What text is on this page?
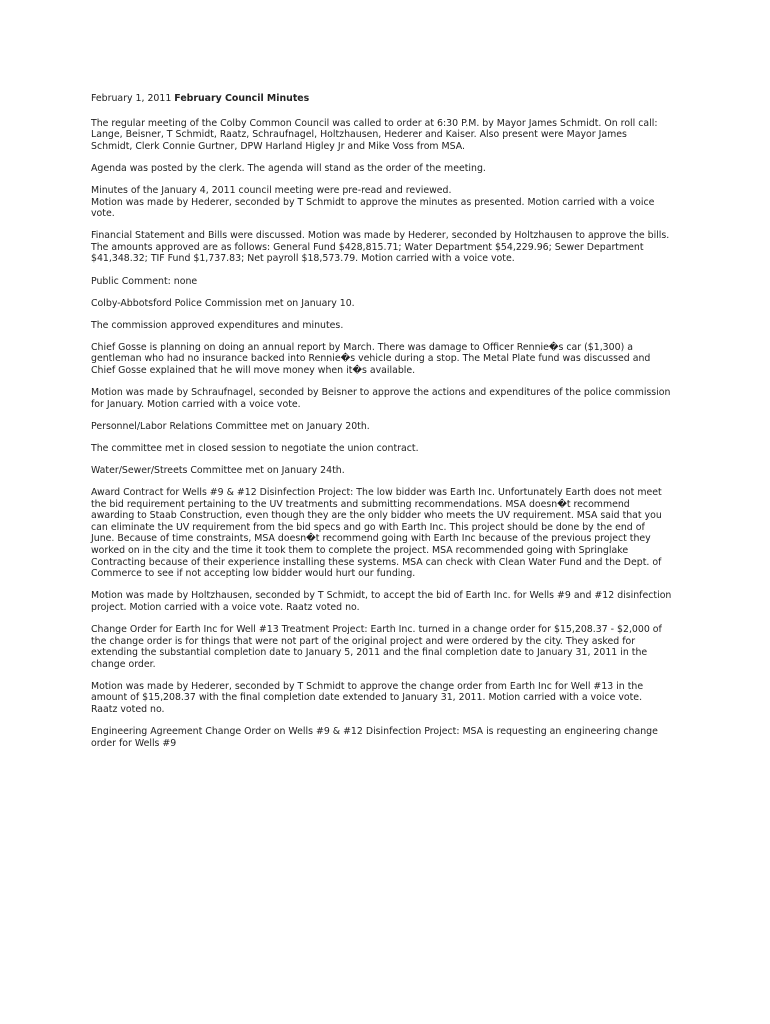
February 1, 2011 February Council Minutes

The regular meeting of the Colby Common Council was called to order at 6:30 P.M. by Mayor James Schmidt. On roll call:
Lange, Beisner, T Schmidt, Raatz, Schraufnagel, Holtzhausen, Hederer and Kaiser. Also present were Mayor James
Schmidt, Clerk Connie Gurtner, DPW Harland Higley Jr and Mike Voss from MSA.

Agenda was posted by the clerk. The agenda will stand as the order of the meeting.

Minutes of the January 4, 2011 council meeting were pre-read and reviewed.
Motion was made by Hederer, seconded by T Schmidt to approve the minutes as presented. Motion carried with a voice
vote.

Financial Statement and Bills were discussed. Motion was made by Hederer, seconded by Holtzhausen to approve the bills.
The amounts approved are as follows: General Fund $428,815.71; Water Department $54,229.96; Sewer Department
$41,348.32; TIF Fund $1,737.83; Net payroll $18,573.79. Motion carried with a voice vote.

Public Comment: none

Colby-Abbotsford Police Commission met on January 10.

The commission approved expenditures and minutes.

Chief Gosse is planning on doing an annual report by March. There was damage to Officer Rennie�s car ($1,300) a
gentleman who had no insurance backed into Rennie�s vehicle during a stop. The Metal Plate fund was discussed and
Chief Gosse explained that he will move money when it�s available.

Motion was made by Schraufnagel, seconded by Beisner to approve the actions and expenditures of the police commission
for January. Motion carried with a voice vote.

Personnel/Labor Relations Committee met on January 20th.

The committee met in closed session to negotiate the union contract.

Water/Sewer/Streets Committee met on January 24th.

Award Contract for Wells #9 & #12 Disinfection Project: The low bidder was Earth Inc. Unfortunately Earth does not meet
the bid requirement pertaining to the UV treatments and submitting recommendations. MSA doesn�t recommend
awarding to Staab Construction, even though they are the only bidder who meets the UV requirement. MSA said that you
can eliminate the UV requirement from the bid specs and go with Earth Inc. This project should be done by the end of
June. Because of time constraints, MSA doesn�t recommend going with Earth Inc because of the previous project they
worked on in the city and the time it took them to complete the project. MSA recommended going with Springlake
Contracting because of their experience installing these systems. MSA can check with Clean Water Fund and the Dept. of
Commerce to see if not accepting low bidder would hurt our funding.

Motion was made by Holtzhausen, seconded by T Schmidt, to accept the bid of Earth Inc. for Wells #9 and #12 disinfection
project. Motion carried with a voice vote. Raatz voted no.

Change Order for Earth Inc for Well #13 Treatment Project: Earth Inc. turned in a change order for $15,208.37 - $2,000 of
the change order is for things that were not part of the original project and were ordered by the city. They asked for
extending the substantial completion date to January 5, 2011 and the final completion date to January 31, 2011 in the
change order.

Motion was made by Hederer, seconded by T Schmidt to approve the change order from Earth Inc for Well #13 in the
amount of $15,208.37 with the final completion date extended to January 31, 2011. Motion carried with a voice vote.
Raatz voted no.

Engineering Agreement Change Order on Wells #9 & #12 Disinfection Project: MSA is requesting an engineering change
order for Wells #9
